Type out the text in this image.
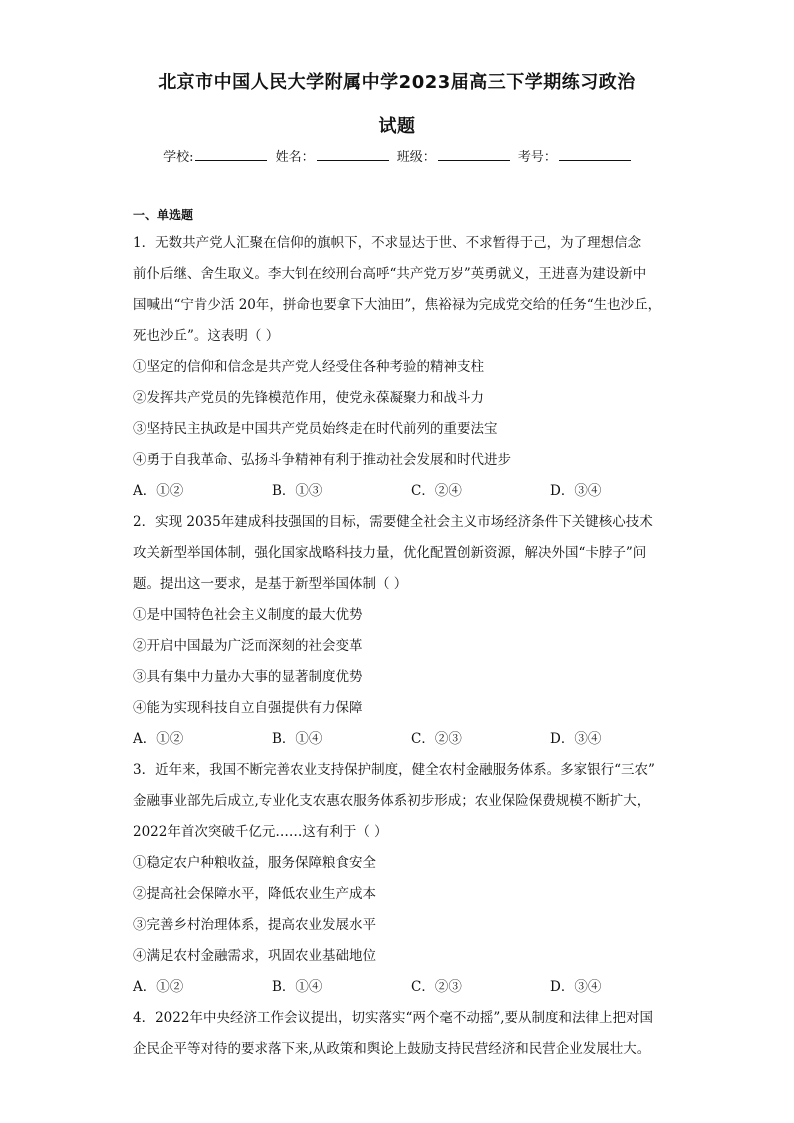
北京市中国人民大学附属中学2023届高三下学期练习政治
试题
学校:	姓名：	班级：	考号：
一、单选题
1．无数共产党人汇聚在信仰的旗帜下，不求显达于世、不求暂得于己，为了理想信念
前仆后继、舍生取义。李大钊在绞刑台高呼“共产党万岁”英勇就义，王进喜为建设新中
国喊出“宁肯少活 20年，拼命也要拿下大油田”，焦裕禄为完成党交给的任务“生也沙丘，
死也沙丘”。这表明（ ）
①坚定的信仰和信念是共产党人经受住各种考验的精神支柱
②发挥共产党员的先锋模范作用，使党永葆凝聚力和战斗力
③坚持民主执政是中国共产党员始终走在时代前列的重要法宝
④勇于自我革命、弘扬斗争精神有利于推动社会发展和时代进步
A．①②	B．①③	C．②④	D．③④
2．实现 2035年建成科技强国的目标，需要健全社会主义市场经济条件下关键核心技术
攻关新型举国体制，强化国家战略科技力量，优化配置创新资源，解决外国“卡脖子”问
题。提出这一要求，是基于新型举国体制（ ）
①是中国特色社会主义制度的最大优势
②开启中国最为广泛而深刻的社会变革
③具有集中力量办大事的显著制度优势
④能为实现科技自立自强提供有力保障
A．①②	B．①④	C．②③	D．③④
3．近年来，我国不断完善农业支持保护制度，健全农村金融服务体系。多家银行“三农”
金融事业部先后成立,专业化支农惠农服务体系初步形成；农业保险保费规模不断扩大，
2022年首次突破千亿元……这有利于（ ）
①稳定农户种粮收益，服务保障粮食安全
②提高社会保障水平，降低农业生产成本
③完善乡村治理体系，提高农业发展水平
④满足农村金融需求，巩固农业基础地位
A．①②	B．①④	C．②③	D．③④
4．2022年中央经济工作会议提出，切实落实“两个毫不动摇”,要从制度和法律上把对国
企民企平等对待的要求落下来,从政策和舆论上鼓励支持民营经济和民营企业发展壮大。
